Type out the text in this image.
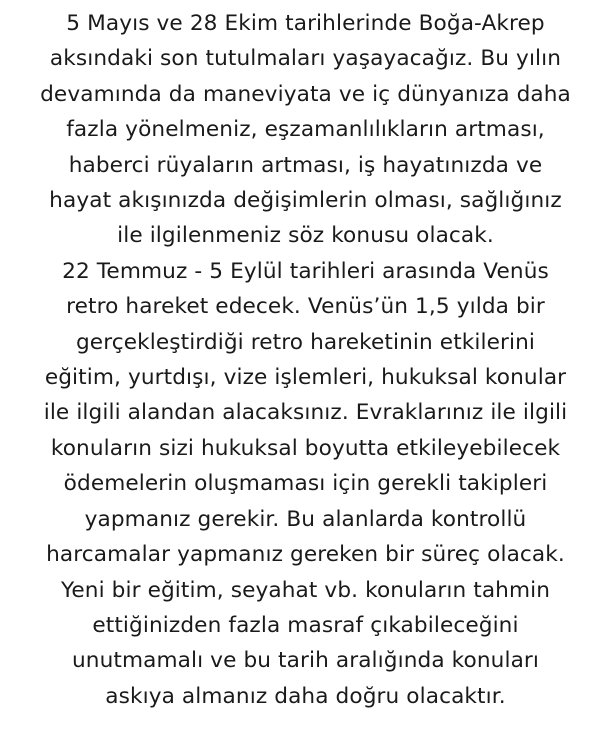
5 Mayıs ve 28 Ekim tarihlerinde Boğa-Akrep
aksındaki son tutulmaları yaşayacağız. Bu yılın
devamında da maneviyata ve iç dünyanıza daha
fazla yönelmeniz, eşzamanlılıkların artması,
haberci rüyaların artması, iş hayatınızda ve
hayat akışınızda değişimlerin olması, sağlığınız
ile ilgilenmeniz söz konusu olacak.
22 Temmuz - 5 Eylül tarihleri arasında Venüs
retro hareket edecek. Venüs’ün 1,5 yılda bir
gerçekleştirdiği retro hareketinin etkilerini
eğitim, yurtdışı, vize işlemleri, hukuksal konular
ile ilgili alandan alacaksınız. Evraklarınız ile ilgili
konuların sizi hukuksal boyutta etkileyebilecek
ödemelerin oluşmaması için gerekli takipleri
yapmanız gerekir. Bu alanlarda kontrollü
harcamalar yapmanız gereken bir süreç olacak.
Yeni bir eğitim, seyahat vb. konuların tahmin
ettiğinizden fazla masraf çıkabileceğini
unutmamalı ve bu tarih aralığında konuları
askıya almanız daha doğru olacaktır.
